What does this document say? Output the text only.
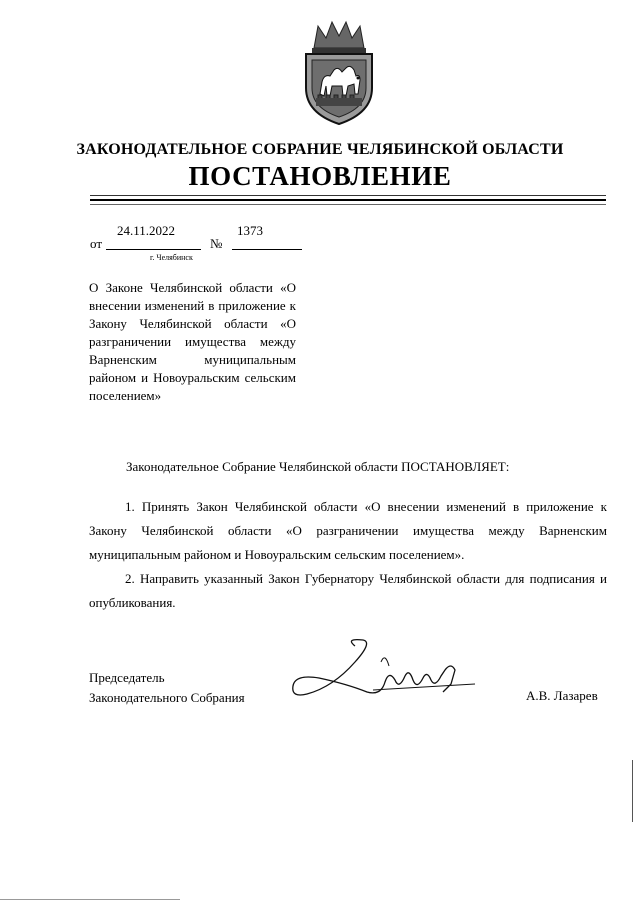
ЗАКОНОДАТЕЛЬНОЕ СОБРАНИЕ ЧЕЛЯБИНСКОЙ ОБЛАСТИ
ПОСТАНОВЛЕНИЕ
от
24.11.2022
№
1373
г. Челябинск
О Законе Челябинской области «О внесении изменений в приложение к Закону Челябинской области «О разграничении имущества между Варненским муниципальным районом и Новоуральским сельским поселением»
Законодательное Собрание Челябинской области ПОСТАНОВЛЯЕТ:
1. Принять Закон Челябинской области «О внесении изменений в приложение к Закону Челябинской области «О разграничении имущества между Варненским муниципальным районом и Новоуральским сельским поселением».
2. Направить указанный Закон Губернатору Челябинской области для подписания и опубликования.
Председатель
Законодательного Собрания	А.В. Лазарев
